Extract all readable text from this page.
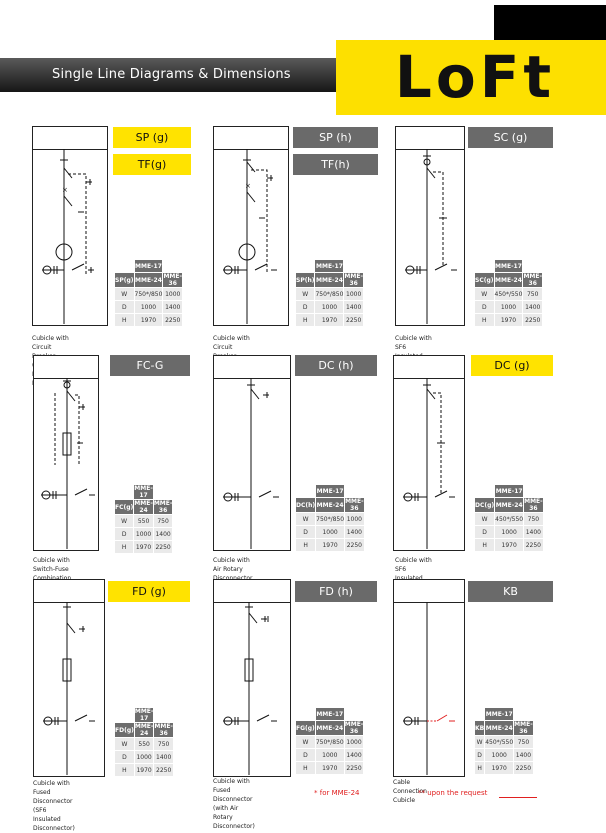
Single Line Diagrams & Dimensions	LoFt
×
SP (g)
TF(g)
	MME-17	
SP(g)	MME-24	MME-36
W	750*/850	1000
D	1000	1400
H	1970	2250
Cubicle with Circuit
×
SP (h)
TF(h)
	MME-17	
SP(h)	MME-24	MME-36
W	750*/850	1000
D	1000	1400
H	1970	2250
Cubicle with Circuit
SC (g)
	MME-17	
SC(g)	MME-24	MME-36
W	450*/550	750
D	1000	1400
H	1970	2250
Cubicle with SF6
FC-G
	MME-17	
FC(g)	MME-24	MME-36
W	550	750
D	1000	1400
H	1970	2250
Cubicle with Switch-Fuse
DC (h)
	MME-17	
DC(h)	MME-24	MME-36
W	750*/850	1000
D	1000	1400
H	1970	2250
Cubicle with Air Rotary
DC (g)
	MME-17	
DC(g)	MME-24	MME-36
W	450*/550	750
D	1000	1400
H	1970	2250
Cubicle with SF6
FD (g)
	MME-17	
FD(g)	MME-24	MME-36
W	550	750
D	1000	1400
H	1970	2250
Cubicle with Fused Disconnector
(SF6 Insulated Disconnector)
FD (h)
	MME-17	
FG(g)	MME-24	MME-36
W	750*/850	1000
D	1000	1400
H	1970	2250
Cubicle with Fused Disconnector
(with Air Rotary Disconnector)
KB
	MME-17	
KB	MME-24	MME-36
W	450*/550	750
D	1000	1400
H	1970	2250
Cable Connection Cubicle
* for MME-24	** upon the request
